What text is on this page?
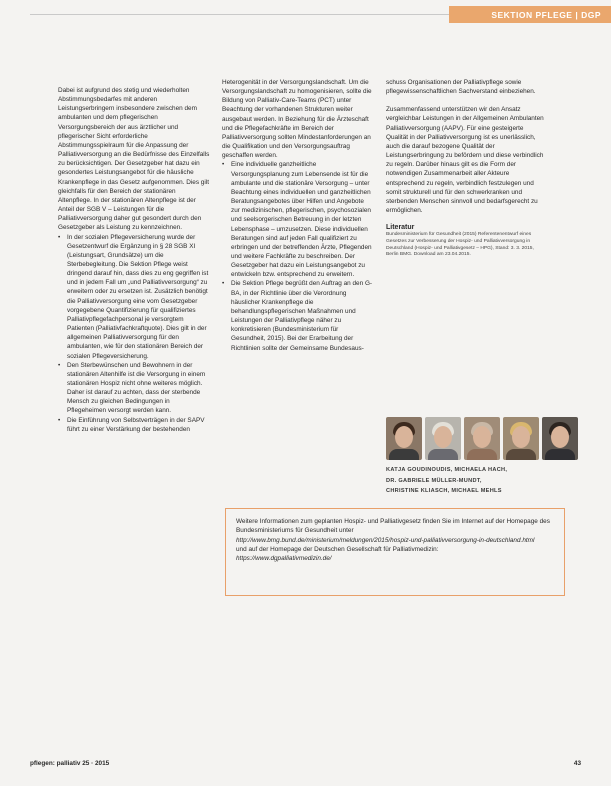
SEKTION PFLEGE | DGP

Dabei ist aufgrund des stetig und wiederholten Abstimmungsbedarfes mit anderen Leistungserbringern insbesondere zwischen dem ambulanten und dem pflegerischen Versorgungsbereich der aus ärztlicher und pflegerischer Sicht erforderliche Abstimmungsspielraum für die Anpassung der Palliativversorgung an die Bedürfnisse des Einzelfalls zu berücksichtigen. Der Gesetzgeber hat dazu ein gesondertes Leistungsangebot für die häusliche Krankenpflege in das Gesetz aufgenommen. Dies gilt gleichfalls für den Bereich der stationären Altenpflege. In der stationären Altenpflege ist der Anteil der SGB V – Leistungen für die Palliativversorgung daher gut gesondert durch den Gesetzgeber als Leistung zu kennzeichnen.

• In der sozialen Pflegeversicherung wurde der Gesetzentwurf die Ergänzung in § 28 SGB XI (Leistungsart, Grundsätze) um die Sterbebegleitung. Die Sektion Pflege weist dringend darauf hin, dass dies zu eng gegriffen ist und in jedem Fall um „und Palliativversorgung“ zu erweitern oder zu ersetzen ist. Zusätzlich benötigt die Palliativversorgung eine vom Gesetzgeber vorgegebene Quantifizierung für qualifiziertes Palliativpflegefachpersonal je versorgtem Patienten (Palliativfachkraftquote). Dies gilt in der allgemeinen Palliativversorgung für den ambulanten, wie für den stationären Bereich der sozialen Pflegeversicherung.
• Den Sterbewünschen und Bewohnern in der stationären Altenhilfe ist die Versorgung in einem stationären Hospiz nicht ohne weiteres möglich. Daher ist darauf zu achten, dass der sterbende Mensch zu gleichen Bedingungen in Pflegeheimen versorgt werden kann.
• Die Einführung von Selbstverträgen in der SAPV führt zu einer Verstärkung der bestehenden

Heterogenität in der Versorgungslandschaft. Um die Versorgungslandschaft zu homogenisieren, sollte die Bildung von Palliativ-Care-Teams (PCT) unter Beachtung der vorhandenen Strukturen weiter ausgebaut werden. In Beziehung für die Ärzteschaft und die Pflegefachkräfte im Bereich der Palliativversorgung sollten Mindestanforderungen an die Qualifikation und den Versorgungsauftrag geschaffen werden.

• Eine individuelle ganzheitliche Versorgungsplanung zum Lebensende ist für die ambulante und die stationäre Versorgung – unter Beachtung eines individuellen und ganzheitlichen Beratungsangebotes über Hilfen und Angebote zur medizinischen, pflegerischen, psychosozialen und seelsorgerischen Betreuung in der letzten Lebensphase – umzusetzen. Diese individuellen Beratungen sind auf jeden Fall qualifiziert zu erbringen und der betreffenden Ärzte, Pflegenden und weitere Fachkräfte zu beschreiben. Der Gesetzgeber hat dazu ein Leistungsangebot zu entwickeln bzw. entsprechend zu erweitern.
• Die Sektion Pflege begrüßt den Auftrag an den G-BA, in der Richtlinie über die Verordnung häuslicher Krankenpflege die behandlungspflegerischen Maßnahmen und Leistungen der Palliativpflege näher zu konkretisieren (Bundesministerium für Gesundheit, 2015). Bei der Erarbeitung der Richtlinien sollte der Gemeinsame Bundesaus-

schuss Organisationen der Palliativpflege sowie pflegewissenschaftlichen Sachverstand einbeziehen.

Zusammenfassend unterstützen wir den Ansatz vergleichbar Leistungen in der Allgemeinen Ambulanten Palliativversorgung (AAPV). Für eine gesteigerte Qualität in der Palliativversorgung ist es unerlässlich, auch die darauf bezogene Qualität der Leistungserbringung zu befördern und diese verbindlich zu regeln. Darüber hinaus gilt es die Form der notwendigen Zusammenarbeit aller Akteure entsprechend zu regeln, verbindlich festzulegen und somit strukturell und für den schwerkranken und sterbenden Menschen sinnvoll und bedarfsgerecht zu ermöglichen.

Literatur
Bundesministerium für Gesundheit (2015) Referentenentwurf eines Gesetzes zur Verbesserung der Hospiz- und Palliativversorgung in Deutschland (Hospiz- und Palliativgesetz – HPG), Stand: 3. 3. 2015, Berlin BMG. Download am 23.04.2015.
KATJA GOUDINOUDIS, MICHAELA HACH,
DR. GABRIELE MÜLLER-MUNDT,
CHRISTINE KLIASCH, MICHAEL MEHLS
Weitere Informationen zum geplanten Hospiz- und Palliativgesetz finden Sie im Internet auf der Homepage des Bundesministeriums für Gesundheit unter
http://www.bmg.bund.de/ministerium/meldungen/2015/hospiz-und-palliativversorgung-in-deutschland.html
und auf der Homepage der Deutschen Gesellschaft für Palliativmedizin:
https://www.dgpalliativmedizin.de/
pflegen: palliativ 25 · 2015	43
